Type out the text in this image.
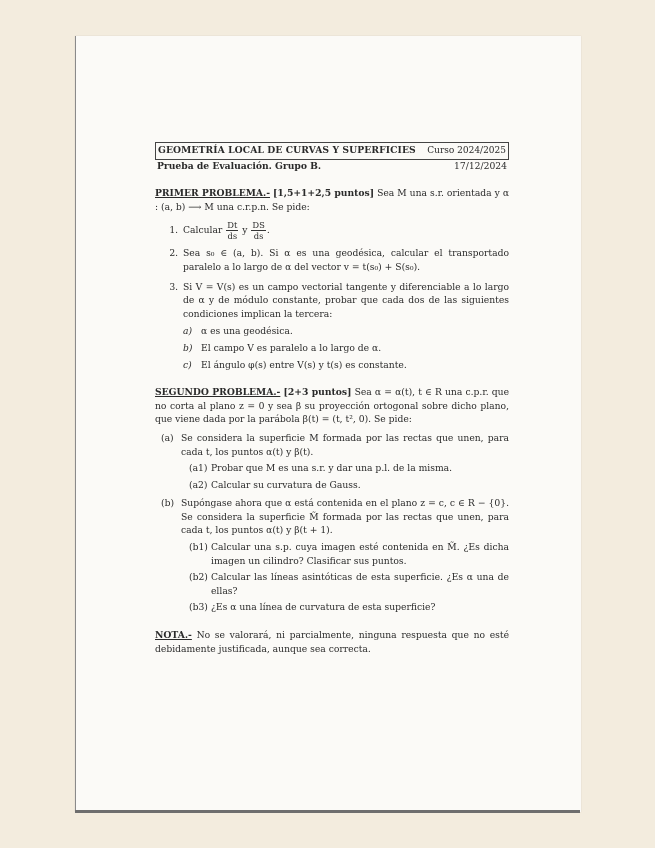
GEOMETRÍA LOCAL DE CURVAS Y SUPERFICIES Curso 2024/2025
Prueba de Evaluación. Grupo B.	17/12/2024
PRIMER PROBLEMA.- [1,5+1+2,5 puntos] Sea M una s.r. orientada y α : (a, b) ⟶ M una c.r.p.n. Se pide:
1. Calcular $\frac{Dt}{ds}$ y $\frac{DS}{ds}$ .
2. Sea s₀ ∈ (a, b). Si α es una geodésica, calcular el transportado paralelo a lo largo de α del vector v = t(s₀) + S(s₀).
3. Si V = V(s) es un campo vectorial tangente y diferenciable a lo largo de α y de módulo constante, probar que cada dos de las siguientes condiciones implican la tercera:
a) α es una geodésica.
b) El campo V es paralelo a lo largo de α.
c)	El ángulo φ(s) entre V(s) y t(s) es constante.
SEGUNDO PROBLEMA.- [2+3 puntos] Sea α = α(t), t ∈ R una c.p.r. que no corta al plano z = 0 y sea β su proyección ortogonal sobre dicho plano, que viene dada por la parábola β(t) = (t, t², 0). Se pide:
(a) Se considera la superficie M formada por las rectas que unen, para cada t, los puntos α(t) y β(t).
(a1) Probar que M es una s.r. y dar una p.l. de la misma.
(a2) Calcular su curvatura de Gauss.
(b) Supóngase ahora que α está contenida en el plano z = c, c ∈ R − {0}. Se considera la superficie M̃ formada por las rectas que unen, para cada t, los puntos α(t) y β(t + 1).
(b1) Calcular una s.p. cuya imagen esté contenida en M̃. ¿Es dicha imagen un cilindro? Clasificar sus puntos.
(b2) Calcular las líneas asintóticas de esta superficie. ¿Es α una de ellas?
(b3) ¿Es α una línea de curvatura de esta superficie?
NOTA.- No se valorará, ni parcialmente, ninguna respuesta que no esté debidamente justificada, aunque sea correcta.
